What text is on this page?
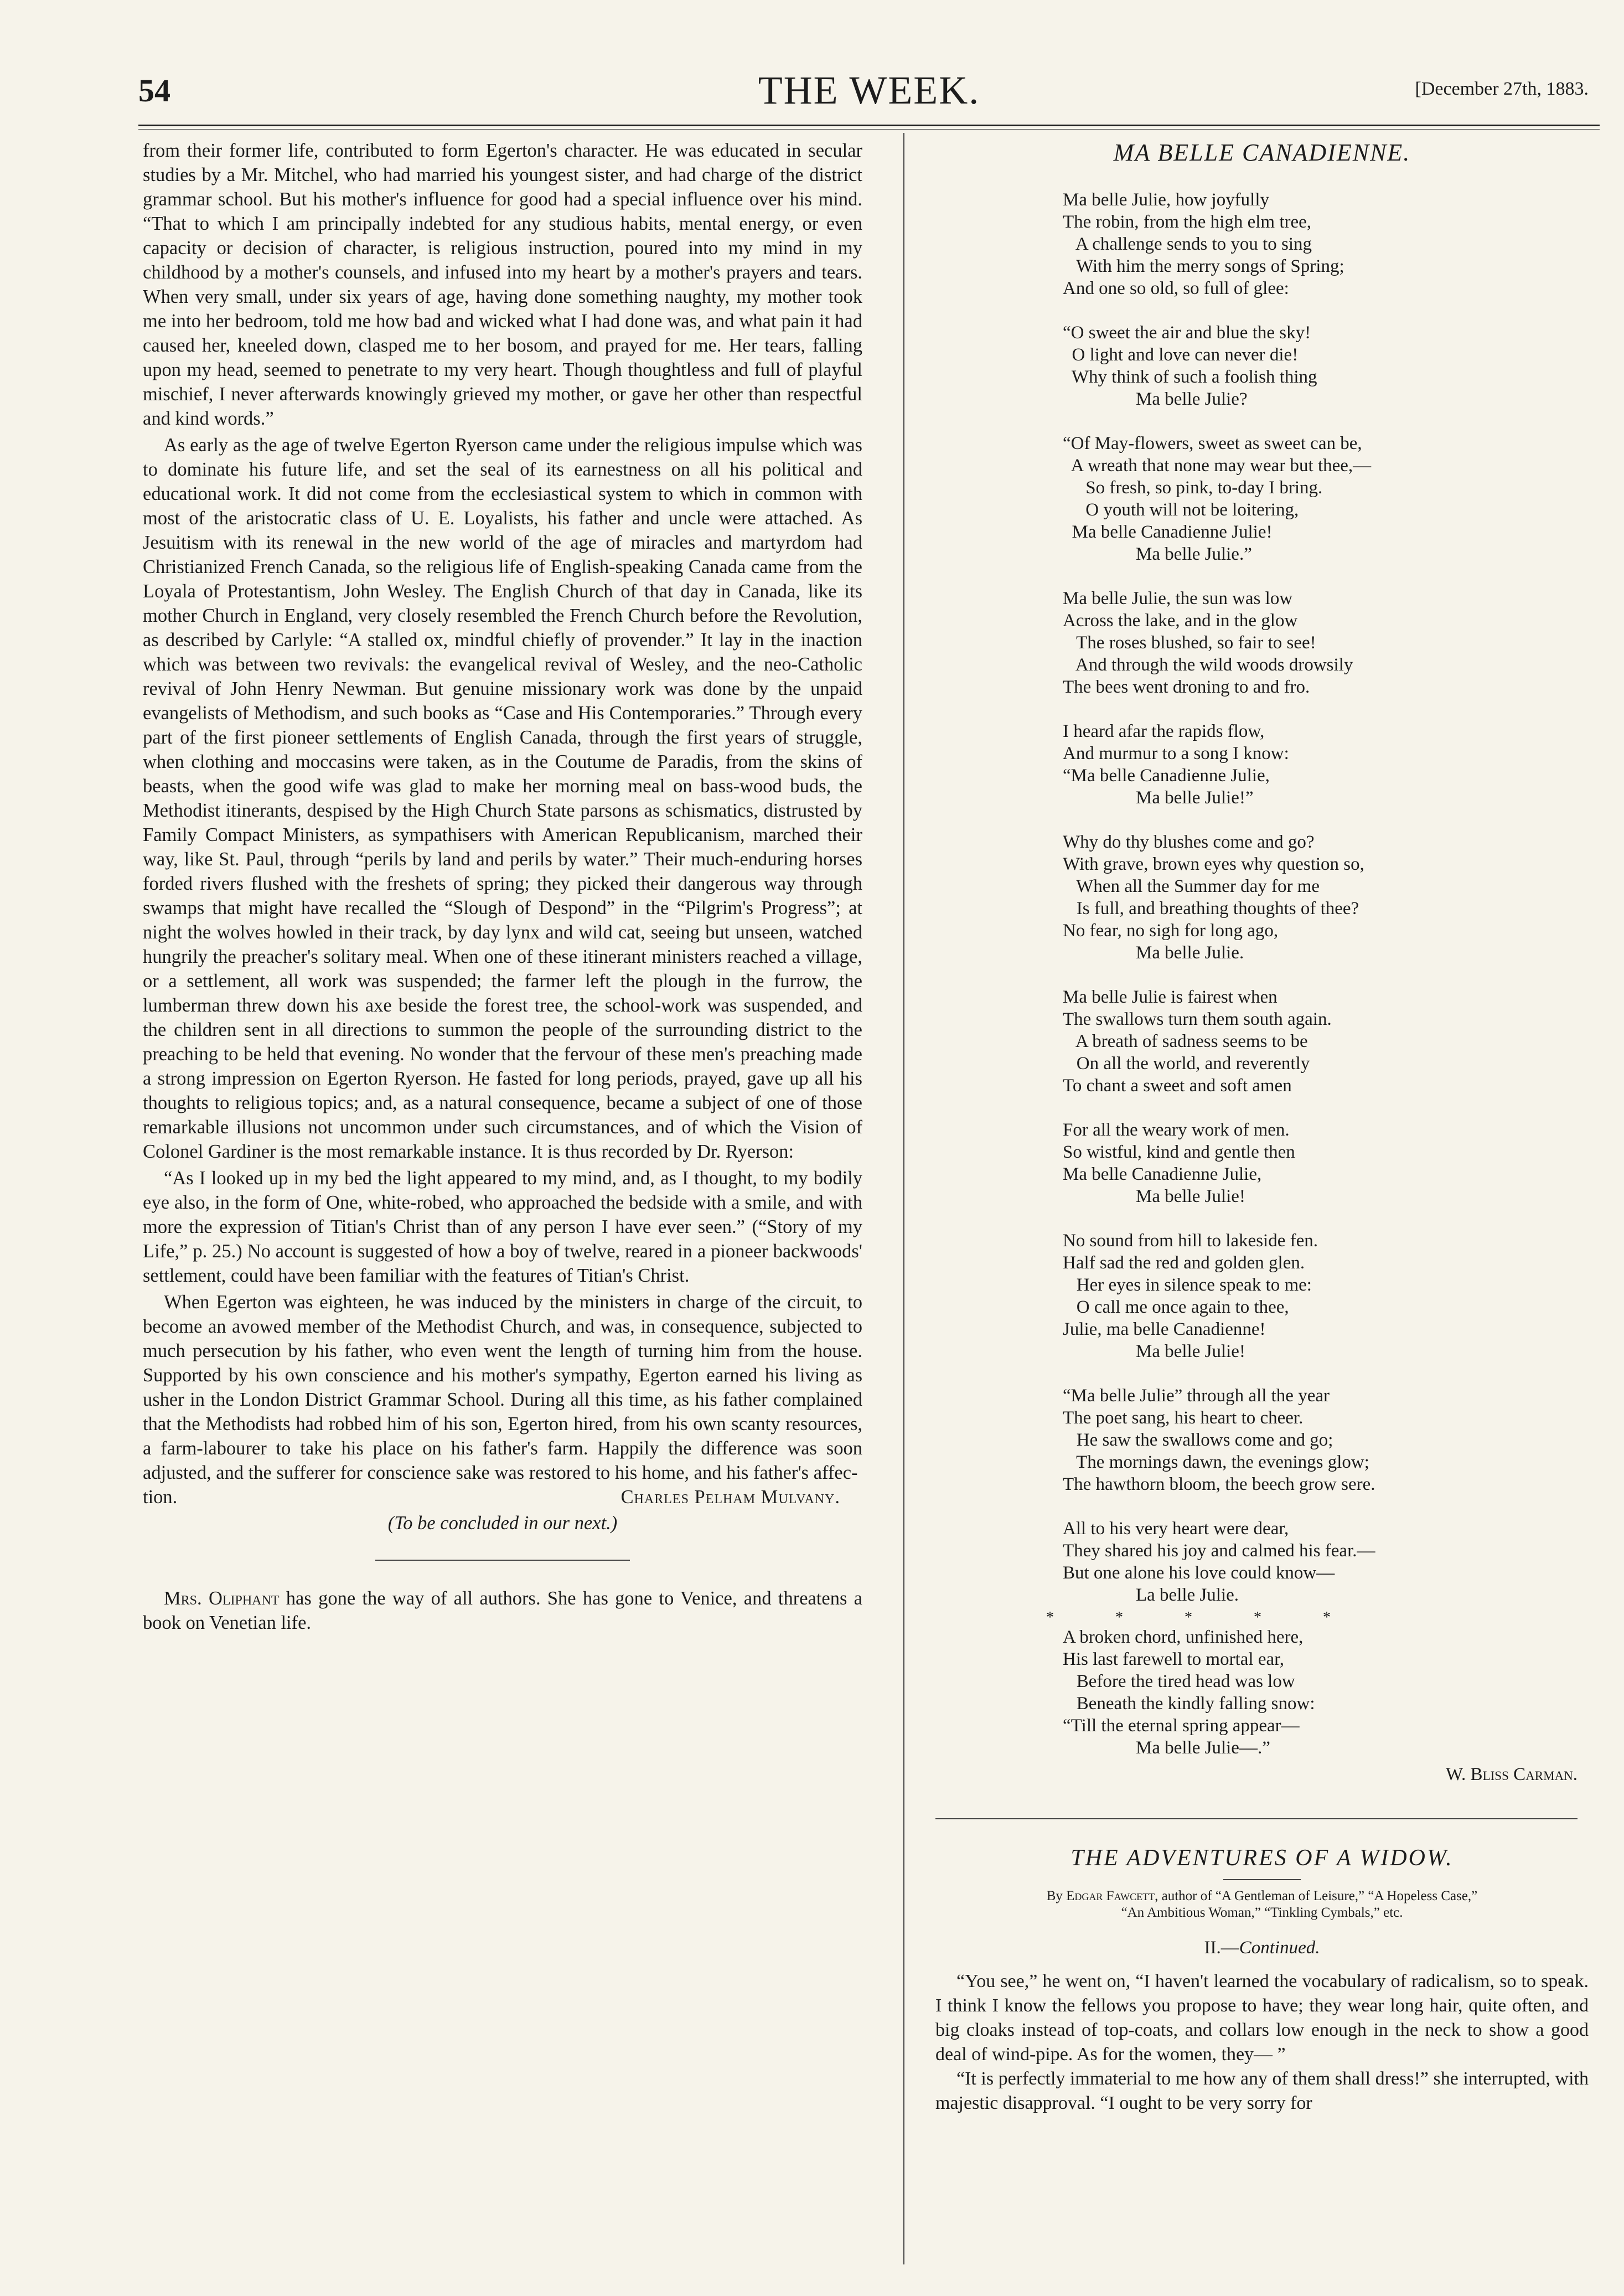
54	THE WEEK.	[December 27th, 1883.

from their former life, contributed to form Egerton's character. He was educated in secular studies by a Mr. Mitchel, who had married his youngest sister, and had charge of the district grammar school. But his mother's influence for good had a special influence over his mind. “That to which I am principally indebted for any studious habits, mental energy, or even capacity or decision of character, is religious instruction, poured into my mind in my childhood by a mother's counsels, and infused into my heart by a mother's prayers and tears. When very small, under six years of age, having done something naughty, my mother took me into her bedroom, told me how bad and wicked what I had done was, and what pain it had caused her, kneeled down, clasped me to her bosom, and prayed for me. Her tears, falling upon my head, seemed to penetrate to my very heart. Though thoughtless and full of playful mischief, I never afterwards knowingly grieved my mother, or gave her other than respectful and kind words.”

As early as the age of twelve Egerton Ryerson came under the religious impulse which was to dominate his future life, and set the seal of its earnestness on all his political and educational work. It did not come from the ecclesiastical system to which in common with most of the aristocratic class of U. E. Loyalists, his father and uncle were attached. As Jesuitism with its renewal in the new world of the age of miracles and martyrdom had Christianized French Canada, so the religious life of English-speaking Canada came from the Loyala of Protestantism, John Wesley. The English Church of that day in Canada, like its mother Church in England, very closely resembled the French Church before the Revolution, as described by Carlyle: “A stalled ox, mindful chiefly of provender.” It lay in the inaction which was between two revivals: the evangelical revival of Wesley, and the neo-Catholic revival of John Henry Newman. But genuine missionary work was done by the unpaid evangelists of Methodism, and such books as “Case and His Contemporaries.” Through every part of the first pioneer settlements of English Canada, through the first years of struggle, when clothing and moccasins were taken, as in the Coutume de Paradis, from the skins of beasts, when the good wife was glad to make her morning meal on bass-wood buds, the Methodist itinerants, despised by the High Church State parsons as schismatics, distrusted by Family Compact Ministers, as sympathisers with American Republicanism, marched their way, like St. Paul, through “perils by land and perils by water.” Their much-enduring horses forded rivers flushed with the freshets of spring; they picked their dangerous way through swamps that might have recalled the “Slough of Despond” in the “Pilgrim's Progress”; at night the wolves howled in their track, by day lynx and wild cat, seeing but unseen, watched hungrily the preacher's solitary meal. When one of these itinerant ministers reached a village, or a settlement, all work was suspended; the farmer left the plough in the furrow, the lumberman threw down his axe beside the forest tree, the school-work was suspended, and the children sent in all directions to summon the people of the surrounding district to the preaching to be held that evening. No wonder that the fervour of these men's preaching made a strong impression on Egerton Ryerson. He fasted for long periods, prayed, gave up all his thoughts to religious topics; and, as a natural consequence, became a subject of one of those remarkable illusions not uncommon under such circumstances, and of which the Vision of Colonel Gardiner is the most remarkable instance. It is thus recorded by Dr. Ryerson:

“As I looked up in my bed the light appeared to my mind, and, as I thought, to my bodily eye also, in the form of One, white-robed, who approached the bedside with a smile, and with more the expression of Titian's Christ than of any person I have ever seen.” (“Story of my Life,” p. 25.) No account is suggested of how a boy of twelve, reared in a pioneer backwoods' settlement, could have been familiar with the features of Titian's Christ.

When Egerton was eighteen, he was induced by the ministers in charge of the circuit, to become an avowed member of the Methodist Church, and was, in consequence, subjected to much persecution by his father, who even went the length of turning him from the house. Supported by his own conscience and his mother's sympathy, Egerton earned his living as usher in the London District Grammar School. During all this time, as his father complained that the Methodists had robbed him of his son, Egerton hired, from his own scanty resources, a farm-labourer to take his place on his father's farm. Happily the difference was soon adjusted, and the sufferer for conscience sake was restored to his home, and his father's affec-

tion.	Charles Pelham Mulvany.
(To be concluded in our next.)

Mrs. Oliphant has gone the way of all authors. She has gone to Venice, and threatens a book on Venetian life.

MA BELLE CANADIENNE.
Ma belle Julie, how joyfully
The robin, from the high elm tree,
A challenge sends to you to sing
With him the merry songs of Spring;
And one so old, so full of glee:
“O sweet the air and blue the sky!
O light and love can never die!
Why think of such a foolish thing
Ma belle Julie?
“Of May-flowers, sweet as sweet can be,
A wreath that none may wear but thee,—
So fresh, so pink, to-day I bring.
O youth will not be loitering,
Ma belle Canadienne Julie!
Ma belle Julie.”
Ma belle Julie, the sun was low
Across the lake, and in the glow
The roses blushed, so fair to see!
And through the wild woods drowsily
The bees went droning to and fro.
I heard afar the rapids flow,
And murmur to a song I know:
“Ma belle Canadienne Julie,
Ma belle Julie!”
Why do thy blushes come and go?
With grave, brown eyes why question so,
When all the Summer day for me
Is full, and breathing thoughts of thee?
No fear, no sigh for long ago,
Ma belle Julie.
Ma belle Julie is fairest when
The swallows turn them south again.
A breath of sadness seems to be
On all the world, and reverently
To chant a sweet and soft amen
For all the weary work of men.
So wistful, kind and gentle then
Ma belle Canadienne Julie,
Ma belle Julie!
No sound from hill to lakeside fen.
Half sad the red and golden glen.
Her eyes in silence speak to me:
O call me once again to thee,
Julie, ma belle Canadienne!
Ma belle Julie!
“Ma belle Julie” through all the year
The poet sang, his heart to cheer.
He saw the swallows come and go;
The mornings dawn, the evenings glow;
The hawthorn bloom, the beech grow sere.
All to his very heart were dear,
They shared his joy and calmed his fear.—
But one alone his love could know—
La belle Julie.
* * * * *
A broken chord, unfinished here,
His last farewell to mortal ear,
Before the tired head was low
Beneath the kindly falling snow:
“Till the eternal spring appear—
Ma belle Julie—.”
W. Bliss Carman.
THE ADVENTURES OF A WIDOW.
By Edgar Fawcett, author of “A Gentleman of Leisure,” “A Hopeless Case,”
“An Ambitious Woman,” “Tinkling Cymbals,” etc.
II.—Continued.

“You see,” he went on, “I haven't learned the vocabulary of radicalism, so to speak. I think I know the fellows you propose to have; they wear long hair, quite often, and big cloaks instead of top-coats, and collars low enough in the neck to show a good deal of wind-pipe. As for the women, they— ”

“It is perfectly immaterial to me how any of them shall dress!” she interrupted, with majestic disapproval. “I ought to be very sorry for
